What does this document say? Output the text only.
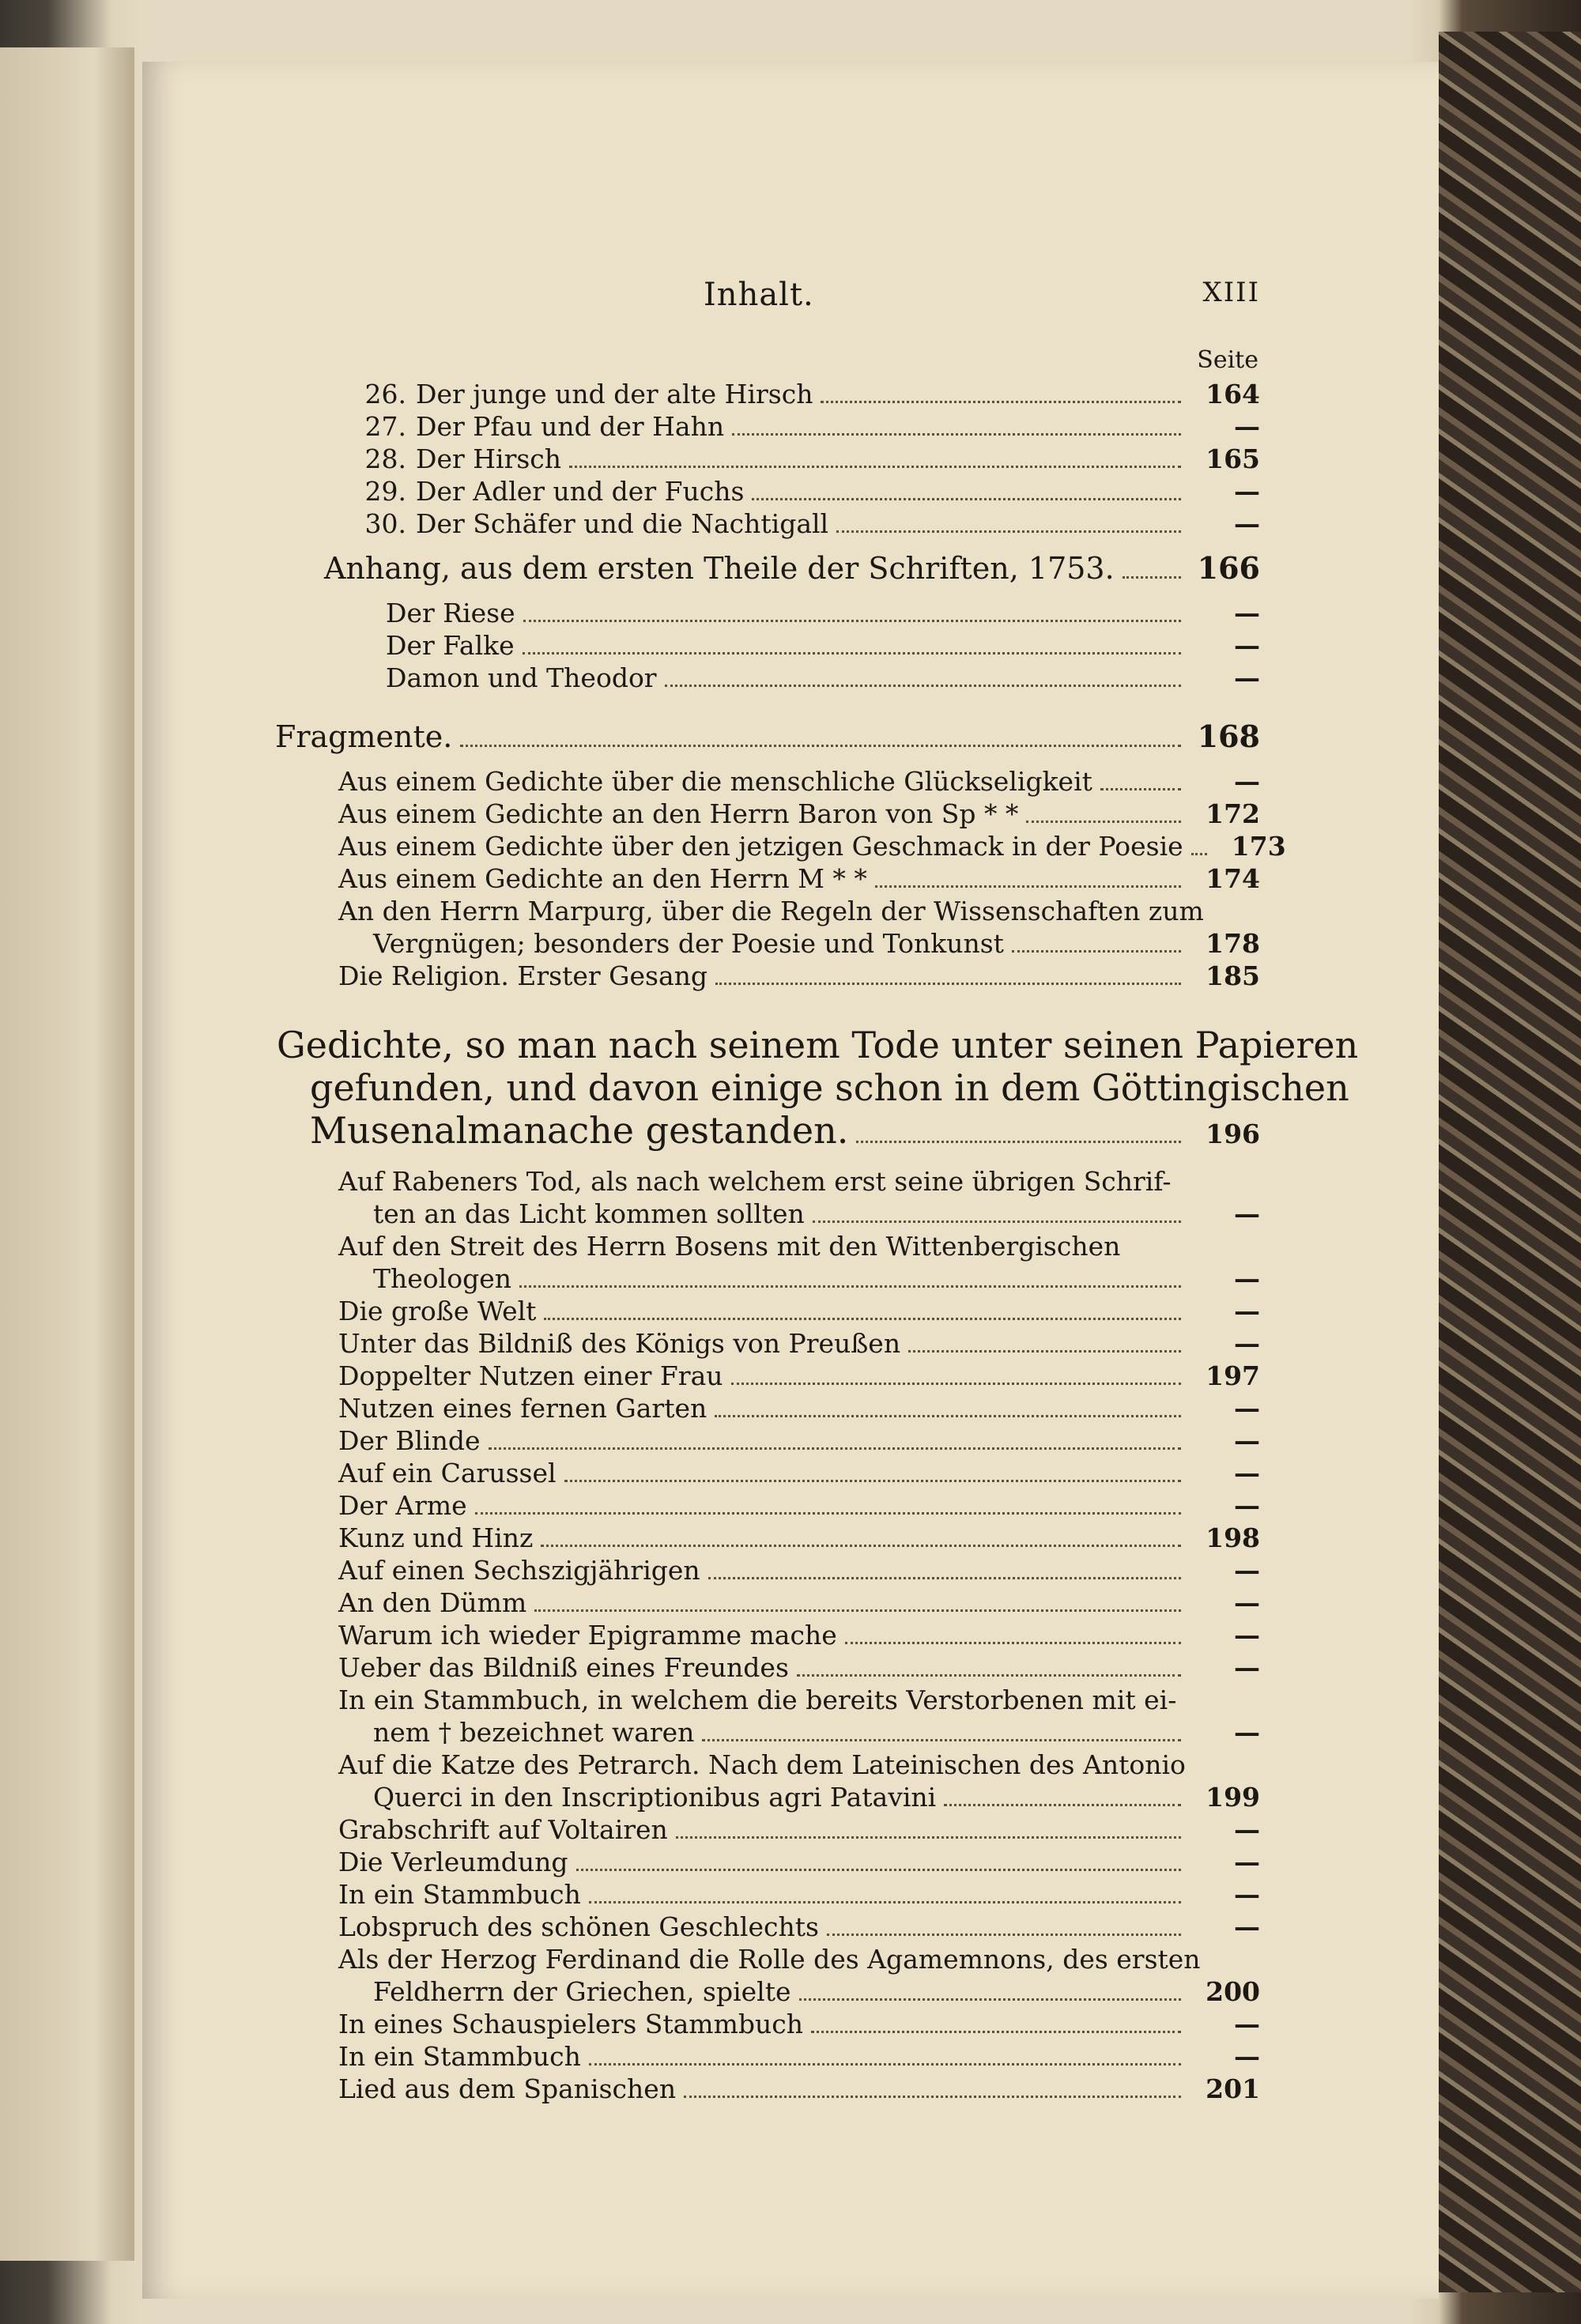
Inhalt.	XIII
Seite
26. Der junge und der alte Hirsch	164
27. Der Pfau und der Hahn	—
28. Der Hirsch	165
29. Der Adler und der Fuchs	—
30. Der Schäfer und die Nachtigall	—
Anhang, aus dem ersten Theile der Schriften, 1753.	166
Der Riese	—
Der Falke	—
Damon und Theodor	—
Fragmente.	168
Aus einem Gedichte über die menschliche Glückseligkeit	—
Aus einem Gedichte an den Herrn Baron von Sp * *	172
Aus einem Gedichte über den jetzigen Geschmack in der Poesie	173
Aus einem Gedichte an den Herrn M * *	174
An den Herrn Marpurg, über die Regeln der Wissenschaften zum
Vergnügen; besonders der Poesie und Tonkunst	178
Die Religion. Erster Gesang	185
Gedichte, so man nach seinem Tode unter seinen Papieren
gefunden, und davon einige schon in dem Göttingischen
Musenalmanache gestanden.	196
Auf Rabeners Tod, als nach welchem erst seine übrigen Schrif-
ten an das Licht kommen sollten	—
Auf den Streit des Herrn Bosens mit den Wittenbergischen
Theologen	—
Die große Welt	—
Unter das Bildniß des Königs von Preußen	—
Doppelter Nutzen einer Frau	197
Nutzen eines fernen Garten	—
Der Blinde	—
Auf ein Carussel	—
Der Arme	—
Kunz und Hinz	198
Auf einen Sechszigjährigen	—
An den Dümm	—
Warum ich wieder Epigramme mache	—
Ueber das Bildniß eines Freundes	—
In ein Stammbuch, in welchem die bereits Verstorbenen mit ei-
nem † bezeichnet waren	—
Auf die Katze des Petrarch. Nach dem Lateinischen des Antonio
Querci in den Inscriptionibus agri Patavini	199
Grabschrift auf Voltairen	—
Die Verleumdung	—
In ein Stammbuch	—
Lobspruch des schönen Geschlechts	—
Als der Herzog Ferdinand die Rolle des Agamemnons, des ersten
Feldherrn der Griechen, spielte	200
In eines Schauspielers Stammbuch	—
In ein Stammbuch	—
Lied aus dem Spanischen	201
